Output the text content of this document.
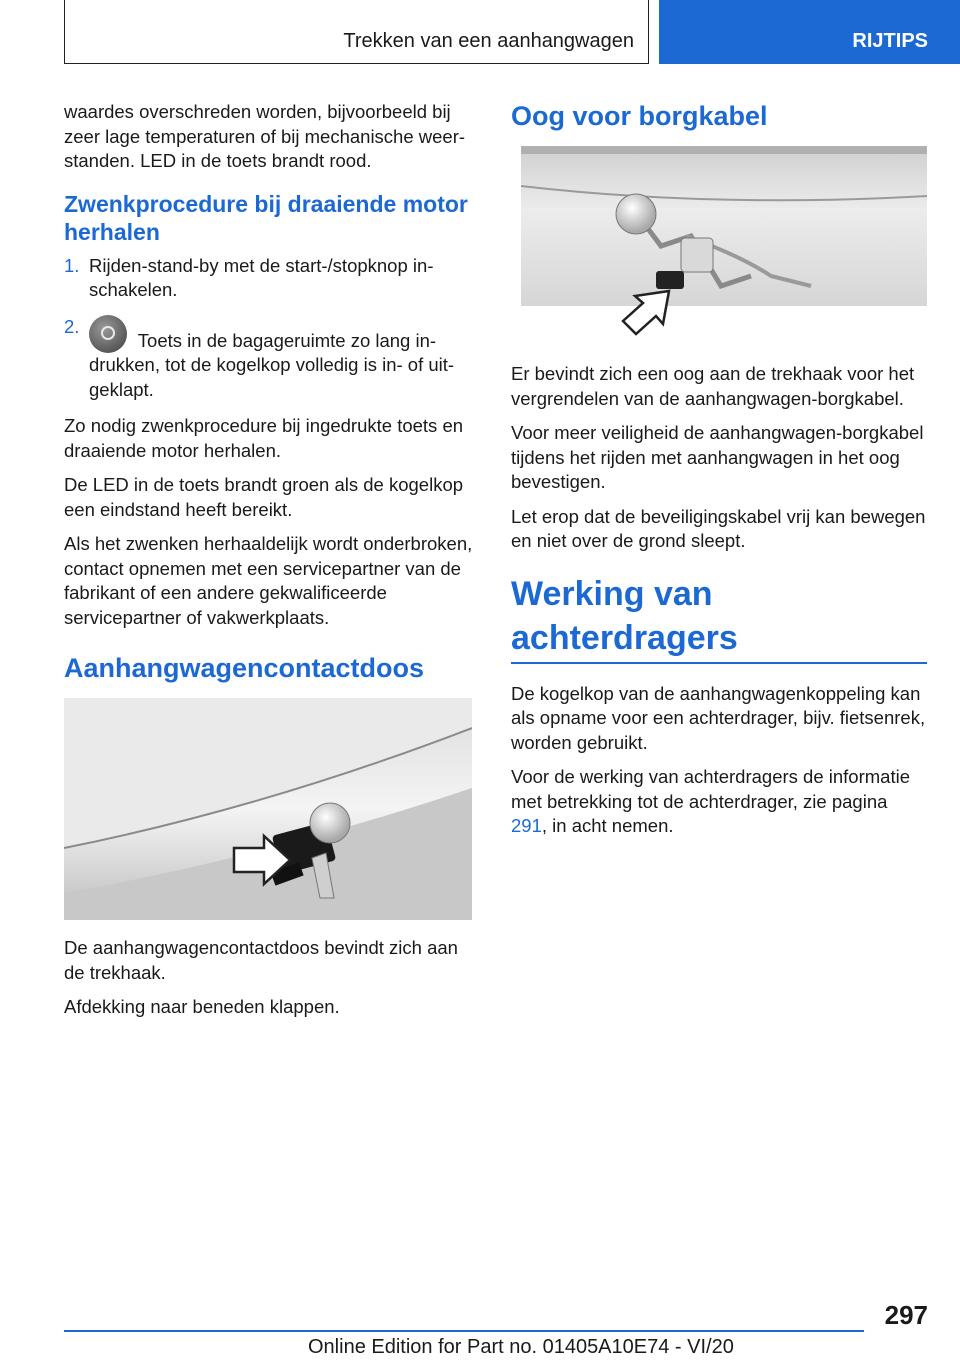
Trekken van een aanhangwagen	RIJTIPS

waardes overschreden worden, bijvoorbeeld bij zeer lage temperaturen of bij mechanische weerstanden. LED in de toets brandt rood.

Zwenkprocedure bij draaiende motor herhalen
1. Rijden-stand-by met de start-/stopknop inschakelen.
2.
Toets in de bagageruimte zo lang indrukken, tot de kogelkop volledig is in- of uitgeklapt.

Zo nodig zwenkprocedure bij ingedrukte toets en draaiende motor herhalen.

De LED in de toets brandt groen als de kogelkop een eindstand heeft bereikt.

Als het zwenken herhaaldelijk wordt onderbroken, contact opnemen met een servicepartner van de fabrikant of een andere gekwalificeerde servicepartner of vakwerkplaats.

Aanhangwagencontactdoos

De aanhangwagencontactdoos bevindt zich aan de trekhaak.

Afdekking naar beneden klappen.

Oog voor borgkabel

Er bevindt zich een oog aan de trekhaak voor het vergrendelen van de aanhangwagen-borgkabel.

Voor meer veiligheid de aanhangwagen-borgkabel tijdens het rijden met aanhangwagen in het oog bevestigen.

Let erop dat de beveiligingskabel vrij kan bewegen en niet over de grond sleept.

Werking van achterdragers

De kogelkop van de aanhangwagenkoppeling kan als opname voor een achterdrager, bijv. fietsenrek, worden gebruikt.

Voor de werking van achterdragers de informatie met betrekking tot de achterdrager, zie pagina 291, in acht nemen.

297
Online Edition for Part no. 01405A10E74 - VI/20
